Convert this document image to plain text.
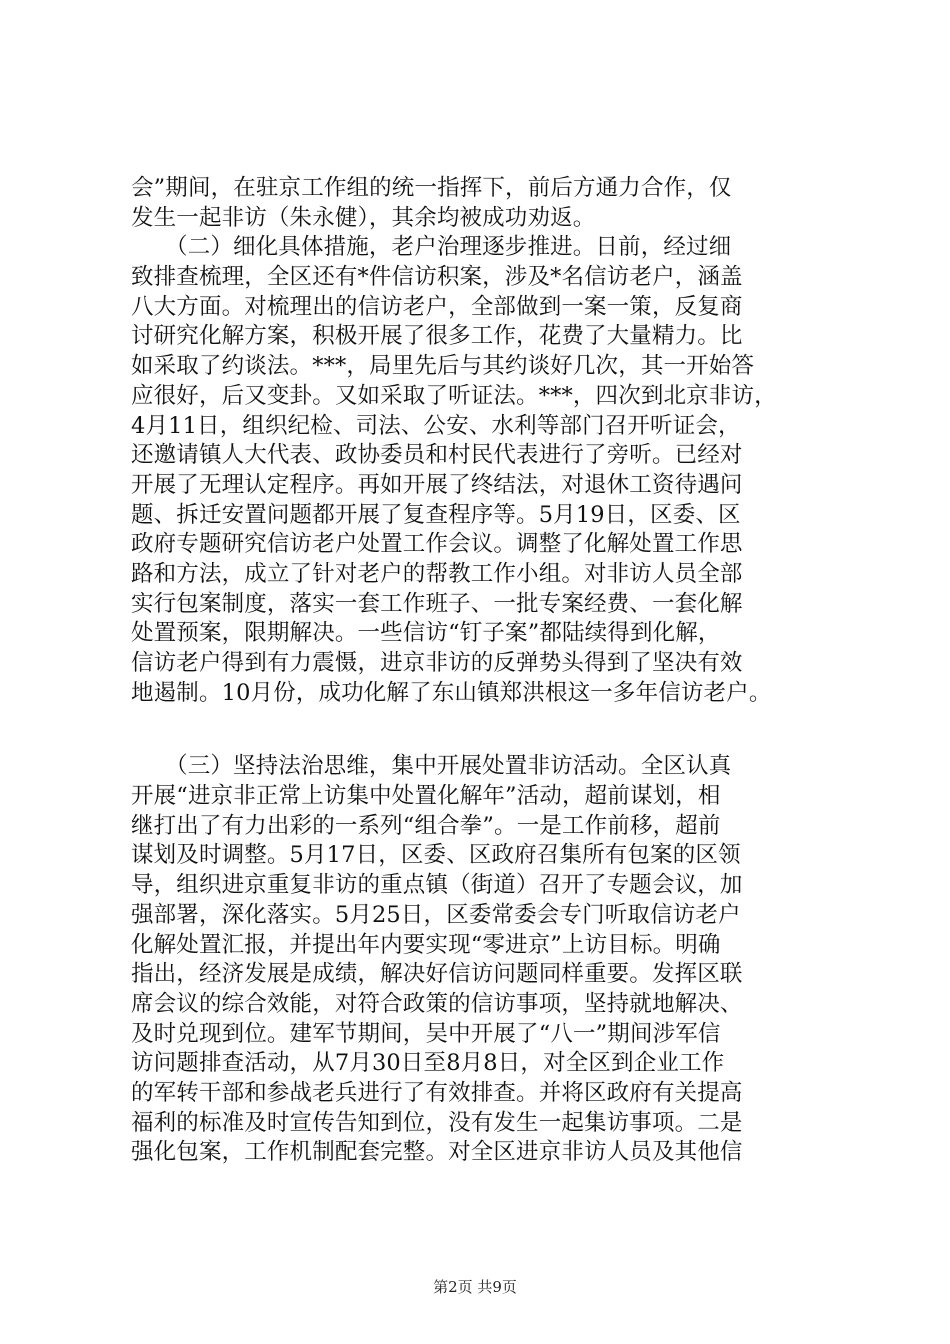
会”期间，在驻京工作组的统一指挥下，前后方通力合作，仅
发生一起非访（朱永健），其余均被成功劝返。
　　（二）细化具体措施，老户治理逐步推进。日前，经过细
致排查梳理，全区还有*件信访积案，涉及*名信访老户，涵盖
八大方面。对梳理出的信访老户，全部做到一案一策，反复商
讨研究化解方案，积极开展了很多工作，花费了大量精力。比
如采取了约谈法。***，局里先后与其约谈好几次，其一开始答
应很好，后又变卦。又如采取了听证法。***，四次到北京非访，
4月11日，组织纪检、司法、公安、水利等部门召开听证会，
还邀请镇人大代表、政协委员和村民代表进行了旁听。已经对
开展了无理认定程序。再如开展了终结法，对退休工资待遇问
题、拆迁安置问题都开展了复查程序等。5月19日，区委、区
政府专题研究信访老户处置工作会议。调整了化解处置工作思
路和方法，成立了针对老户的帮教工作小组。对非访人员全部
实行包案制度，落实一套工作班子、一批专案经费、一套化解
处置预案，限期解决。一些信访“钉子案”都陆续得到化解，
信访老户得到有力震慑，进京非访的反弹势头得到了坚决有效
地遏制。10月份，成功化解了东山镇郑洪根这一多年信访老户。
　　（三）坚持法治思维，集中开展处置非访活动。全区认真
开展“进京非正常上访集中处置化解年”活动，超前谋划，相
继打出了有力出彩的一系列“组合拳”。一是工作前移，超前
谋划及时调整。5月17日，区委、区政府召集所有包案的区领
导，组织进京重复非访的重点镇（街道）召开了专题会议，加
强部署，深化落实。5月25日，区委常委会专门听取信访老户
化解处置汇报，并提出年内要实现“零进京”上访目标。明确
指出，经济发展是成绩，解决好信访问题同样重要。发挥区联
席会议的综合效能，对符合政策的信访事项，坚持就地解决、
及时兑现到位。建军节期间，吴中开展了“八一”期间涉军信
访问题排查活动，从7月30日至8月8日，对全区到企业工作
的军转干部和参战老兵进行了有效排查。并将区政府有关提高
福利的标准及时宣传告知到位，没有发生一起集访事项。二是
强化包案，工作机制配套完整。对全区进京非访人员及其他信
第2页 共9页
